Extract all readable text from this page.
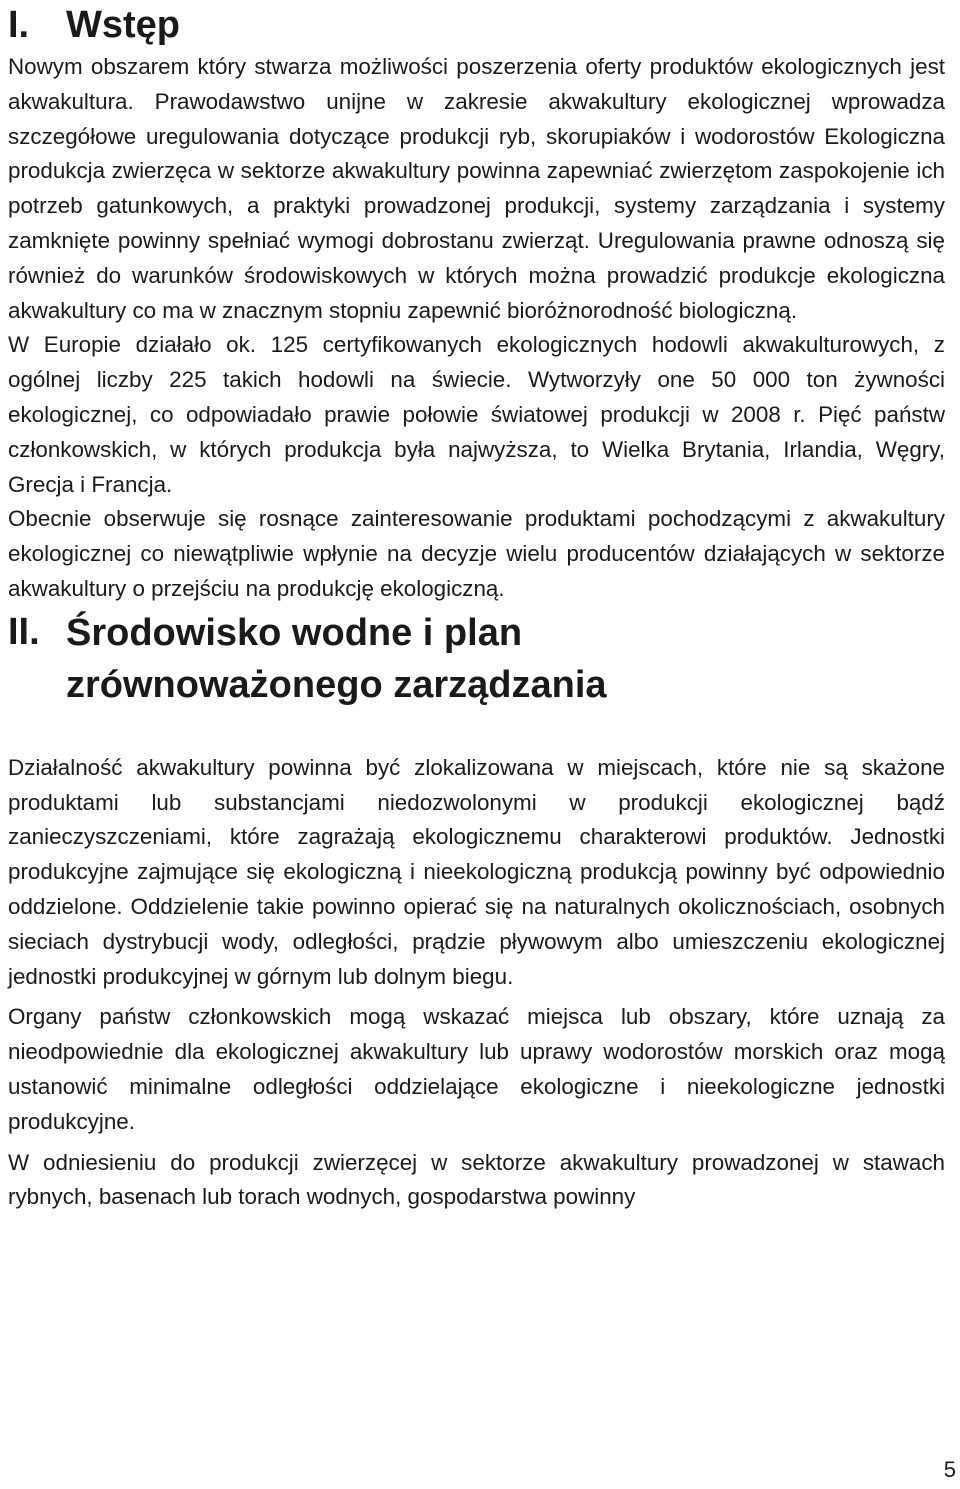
I. Wstęp

Nowym obszarem który stwarza możliwości poszerzenia oferty produktów ekologicznych jest akwakultura. Prawodawstwo unijne w zakresie akwakultury ekologicznej wprowadza szczegółowe uregulowania dotyczące produkcji ryb, skorupiaków i wodorostów Ekologiczna produkcja zwierzęca w sektorze akwakultury powinna zapewniać zwierzętom zaspokojenie ich potrzeb gatunkowych, a praktyki prowadzonej produkcji, systemy zarządzania i systemy zamknięte powinny spełniać wymogi dobrostanu zwierząt. Uregulowania prawne odnoszą się również do warunków środowiskowych w których można prowadzić produkcje ekologiczna akwakultury co ma w znacznym stopniu zapewnić bioróżnorodność biologiczną.

W Europie działało ok. 125 certyfikowanych ekologicznych hodowli akwakulturowych, z ogólnej liczby 225 takich hodowli na świecie. Wytworzyły one 50 000 ton żywności ekologicznej, co odpowiadało prawie połowie światowej produkcji w 2008 r. Pięć państw członkowskich, w których produkcja była najwyższa, to Wielka Brytania, Irlandia, Węgry, Grecja i Francja.

Obecnie obserwuje się rosnące zainteresowanie produktami pochodzącymi z akwakultury ekologicznej co niewątpliwie wpłynie na decyzje wielu producentów działających w sektorze akwakultury o przejściu na produkcję ekologiczną.

II. Środowisko wodne i plan
zrównoważonego zarządzania

Działalność akwakultury powinna być zlokalizowana w miejscach, które nie są skażone produktami lub substancjami niedozwolonymi w produkcji ekologicznej bądź zanieczyszczeniami, które zagrażają ekologicznemu charakterowi produktów. Jednostki produkcyjne zajmujące się ekologiczną i nieekologiczną produkcją powinny być odpowiednio oddzielone. Oddzielenie takie powinno opierać się na naturalnych okolicznościach, osobnych sieciach dystrybucji wody, odległości, prądzie pływowym albo umieszczeniu ekologicznej jednostki produkcyjnej w górnym lub dolnym biegu.

Organy państw członkowskich mogą wskazać miejsca lub obszary, które uznają za nieodpowiednie dla ekologicznej akwakultury lub uprawy wodorostów morskich oraz mogą ustanowić minimalne odległości oddzielające ekologiczne i nieekologiczne jednostki produkcyjne.

W odniesieniu do produkcji zwierzęcej w sektorze akwakultury prowadzonej w stawach rybnych, basenach lub torach wodnych, gospodarstwa powinny

5
